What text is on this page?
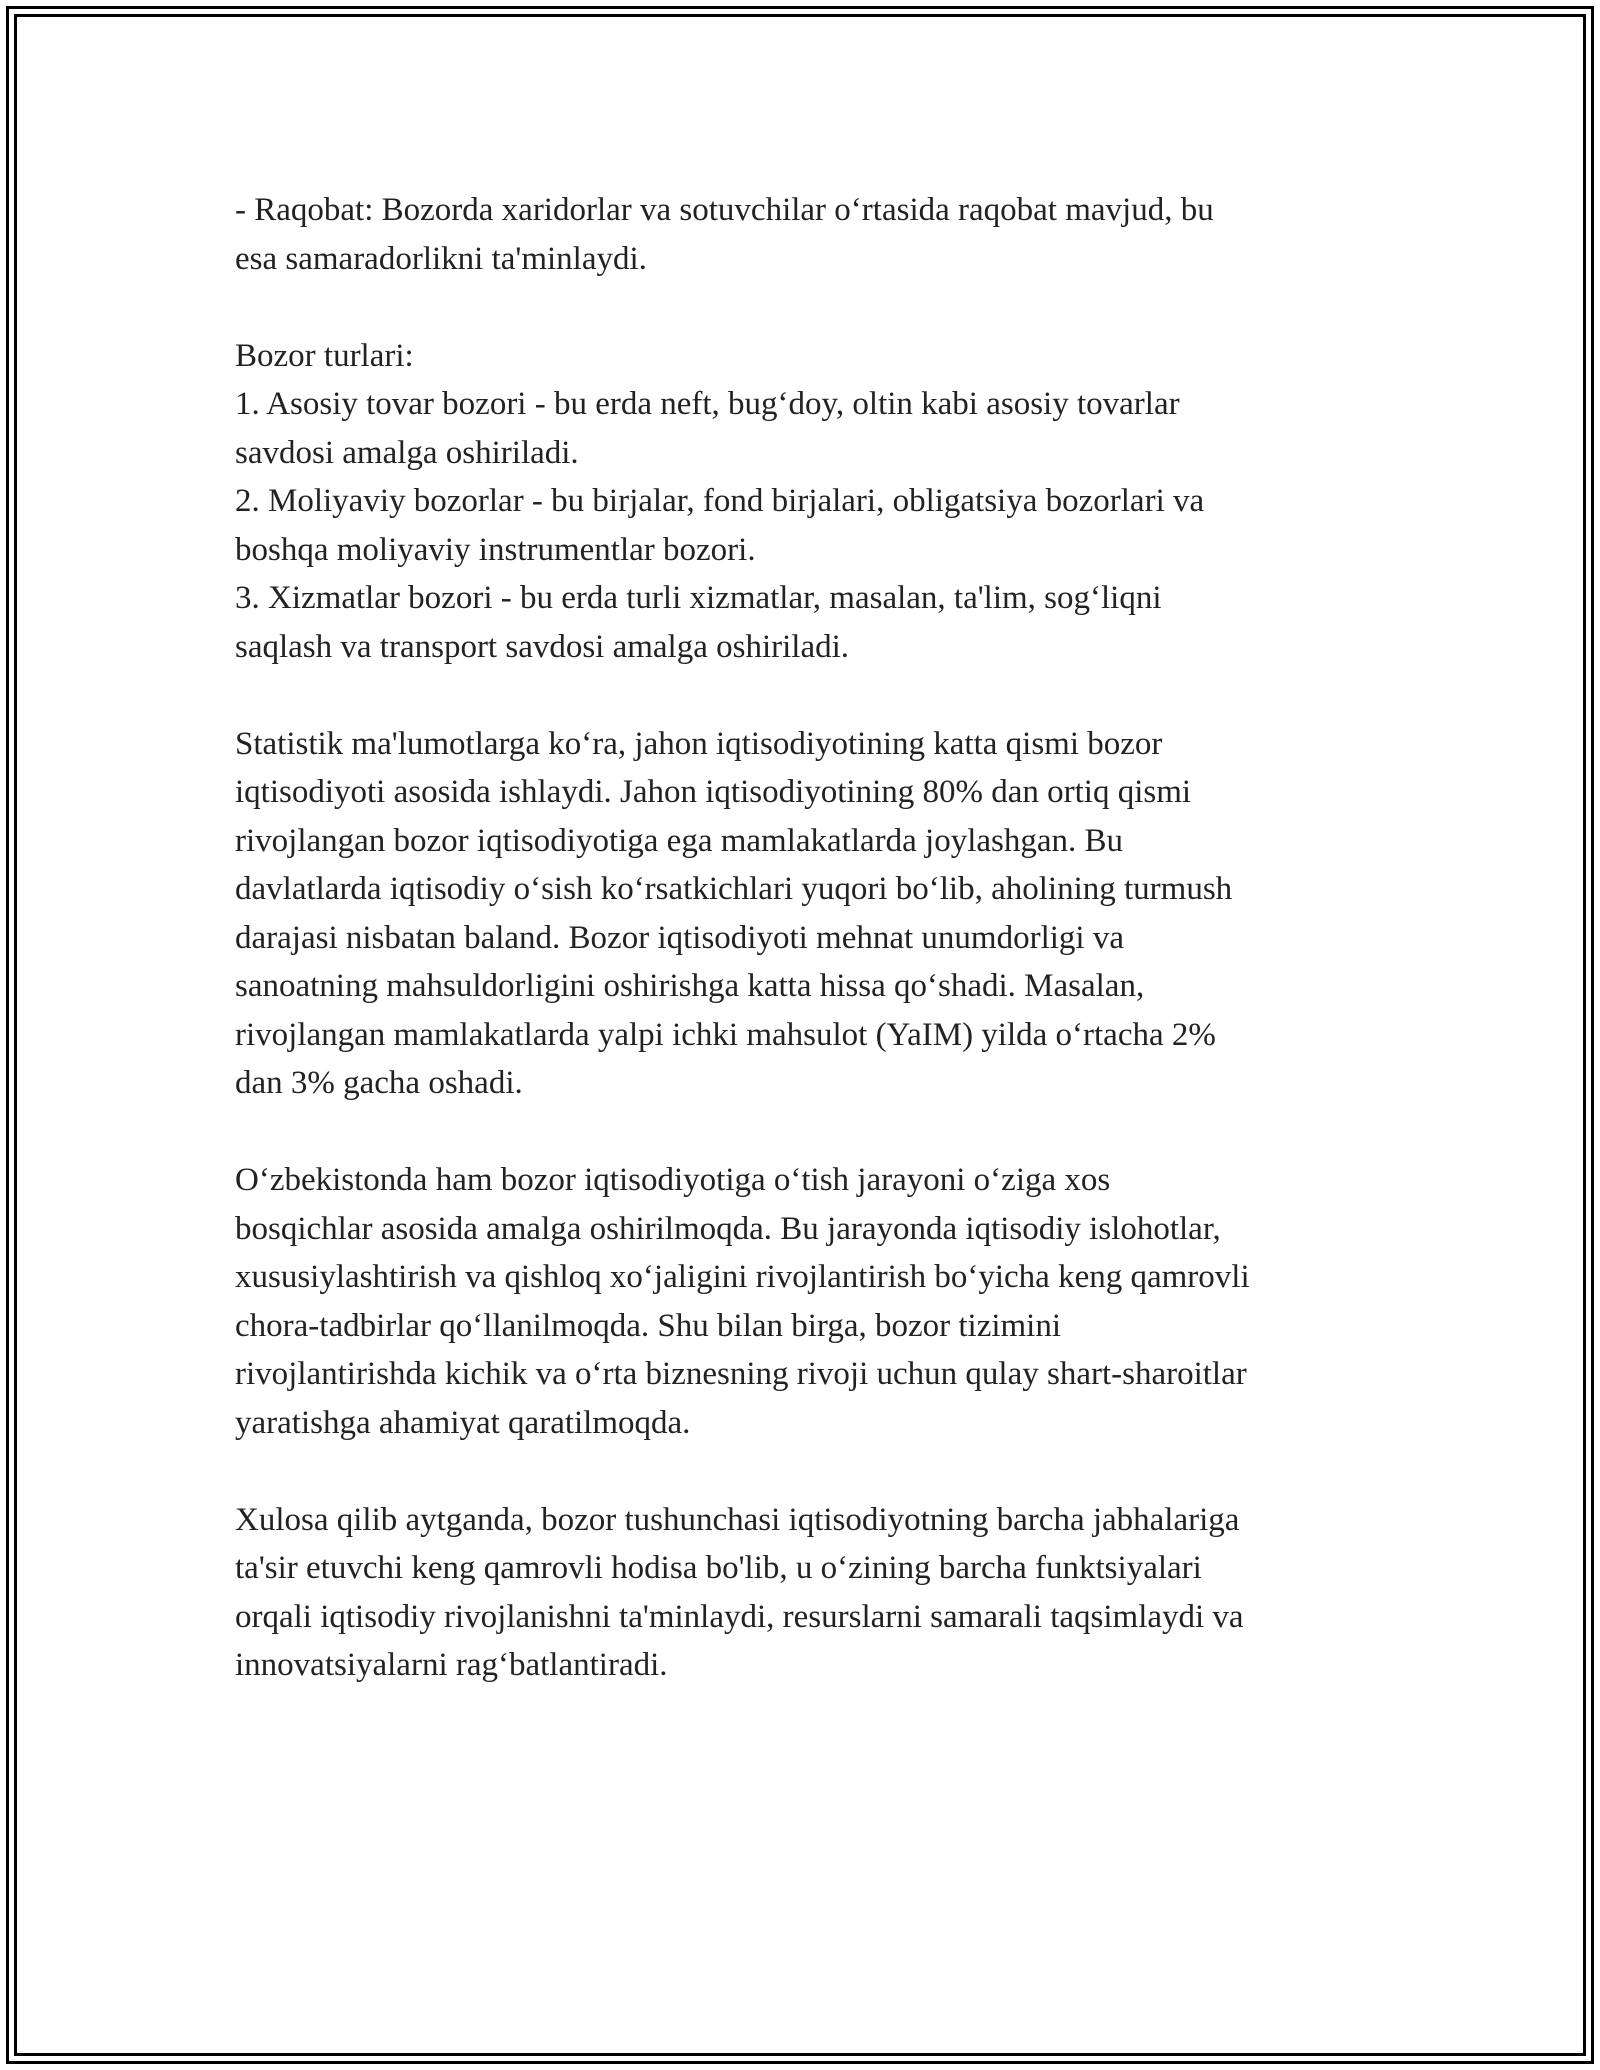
- Raqobat: Bozorda xaridorlar va sotuvchilar o‘rtasida raqobat mavjud, bu
esa samaradorlikni ta'minlaydi.

Bozor turlari:
1. Asosiy tovar bozori - bu erda neft, bug‘doy, oltin kabi asosiy tovarlar
savdosi amalga oshiriladi.
2. Moliyaviy bozorlar - bu birjalar, fond birjalari, obligatsiya bozorlari va
boshqa moliyaviy instrumentlar bozori.
3. Xizmatlar bozori - bu erda turli xizmatlar, masalan, ta'lim, sog‘liqni
saqlash va transport savdosi amalga oshiriladi.

Statistik ma'lumotlarga ko‘ra, jahon iqtisodiyotining katta qismi bozor
iqtisodiyoti asosida ishlaydi. Jahon iqtisodiyotining 80% dan ortiq qismi
rivojlangan bozor iqtisodiyotiga ega mamlakatlarda joylashgan. Bu
davlatlarda iqtisodiy o‘sish ko‘rsatkichlari yuqori bo‘lib, aholining turmush
darajasi nisbatan baland. Bozor iqtisodiyoti mehnat unumdorligi va
sanoatning mahsuldorligini oshirishga katta hissa qo‘shadi. Masalan,
rivojlangan mamlakatlarda yalpi ichki mahsulot (YaIM) yilda o‘rtacha 2%
dan 3% gacha oshadi.

O‘zbekistonda ham bozor iqtisodiyotiga o‘tish jarayoni o‘ziga xos
bosqichlar asosida amalga oshirilmoqda. Bu jarayonda iqtisodiy islohotlar,
xususiylashtirish va qishloq xo‘jaligini rivojlantirish bo‘yicha keng qamrovli
chora-tadbirlar qo‘llanilmoqda. Shu bilan birga, bozor tizimini
rivojlantirishda kichik va o‘rta biznesning rivoji uchun qulay shart-sharoitlar
yaratishga ahamiyat qaratilmoqda.

Xulosa qilib aytganda, bozor tushunchasi iqtisodiyotning barcha jabhalariga
ta'sir etuvchi keng qamrovli hodisa bo'lib, u o‘zining barcha funktsiyalari
orqali iqtisodiy rivojlanishni ta'minlaydi, resurslarni samarali taqsimlaydi va
innovatsiyalarni rag‘batlantiradi.
